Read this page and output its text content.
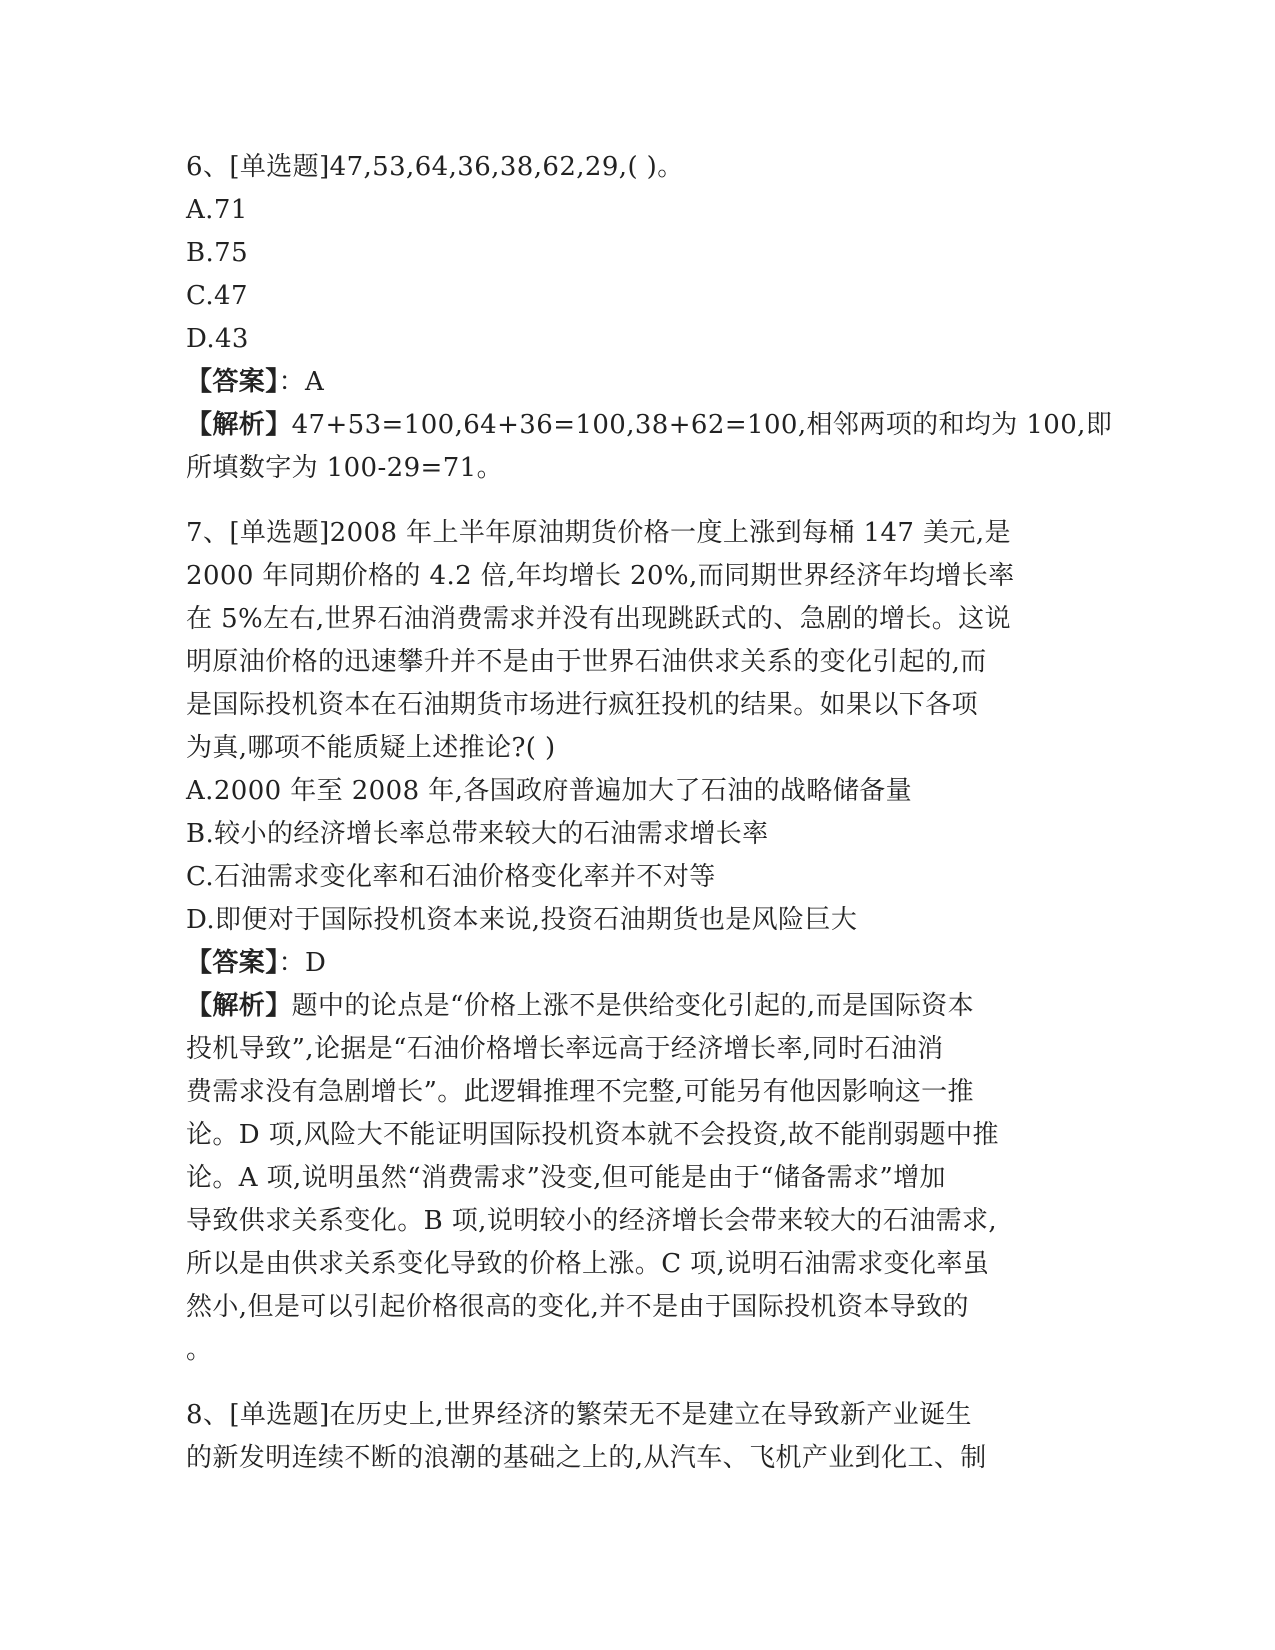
6、[单选题]47,53,64,36,38,62,29,( )。
A.71
B.75
C.47
D.43
【答案】：A
【解析】47+53=100,64+36=100,38+62=100,相邻两项的和均为 100,即
所填数字为 100-29=71。
7、[单选题]2008 年上半年原油期货价格一度上涨到每桶 147 美元,是
2000 年同期价格的 4.2 倍,年均增长 20%,而同期世界经济年均增长率
在 5%左右,世界石油消费需求并没有出现跳跃式的、急剧的增长。这说
明原油价格的迅速攀升并不是由于世界石油供求关系的变化引起的,而
是国际投机资本在石油期货市场进行疯狂投机的结果。如果以下各项
为真,哪项不能质疑上述推论?( )
A.2000 年至 2008 年,各国政府普遍加大了石油的战略储备量
B.较小的经济增长率总带来较大的石油需求增长率
C.石油需求变化率和石油价格变化率并不对等
D.即便对于国际投机资本来说,投资石油期货也是风险巨大
【答案】：D
【解析】题中的论点是“价格上涨不是供给变化引起的,而是国际资本
投机导致”,论据是“石油价格增长率远高于经济增长率,同时石油消
费需求没有急剧增长”。此逻辑推理不完整,可能另有他因影响这一推
论。D 项,风险大不能证明国际投机资本就不会投资,故不能削弱题中推
论。A 项,说明虽然“消费需求”没变,但可能是由于“储备需求”增加
导致供求关系变化。B 项,说明较小的经济增长会带来较大的石油需求,
所以是由供求关系变化导致的价格上涨。C 项,说明石油需求变化率虽
然小,但是可以引起价格很高的变化,并不是由于国际投机资本导致的
。
8、[单选题]在历史上,世界经济的繁荣无不是建立在导致新产业诞生
的新发明连续不断的浪潮的基础之上的,从汽车、飞机产业到化工、制
